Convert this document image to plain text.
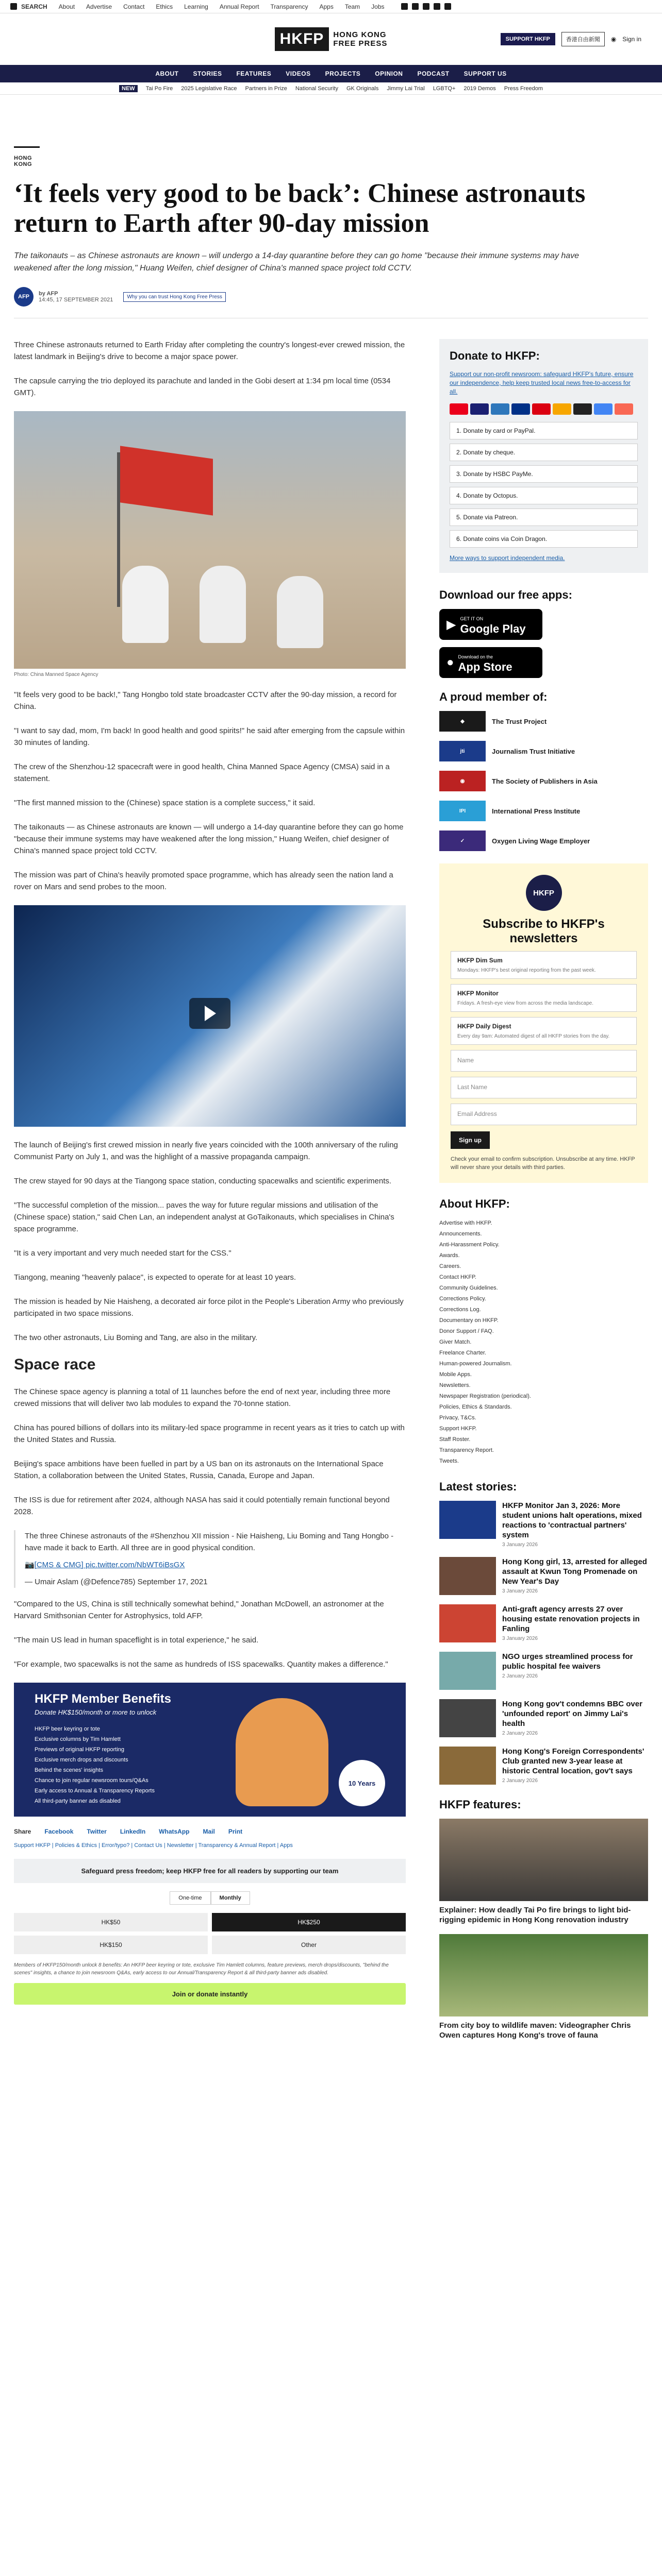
SEARCH About Advertise Contact Ethics Learning Annual Report Transparency Apps Team Jobs
HKFP	HONG KONG
FREE PRESS	SUPPORT HKFP	香港自由新聞	◉ Sign in
ABOUT STORIES FEATURES VIDEOS PROJECTS OPINION PODCAST SUPPORT US
NEW	Tai Po Fire 2025 Legislative Race Partners in Prize National Security GK Originals Jimmy Lai Trial LGBTQ+ 2019 Demos Press Freedom
HONG KONG
‘It feels very good to be back’: Chinese astronauts return to Earth after 90-day mission

The taikonauts – as Chinese astronauts are known – will undergo a 14-day quarantine before they can go home "because their immune systems may have weakened after the long mission," Huang Weifen, chief designer of China's manned space project told CCTV.

AFP	by AFP
14:45, 17 SEPTEMBER 2021	Why you can trust Hong Kong Free Press

Three Chinese astronauts returned to Earth Friday after completing the country's longest-ever crewed mission, the latest landmark in Beijing's drive to become a major space power.

The capsule carrying the trio deployed its parachute and landed in the Gobi desert at 1:34 pm local time (0534 GMT).

Photo: China Manned Space Agency

"It feels very good to be back!," Tang Hongbo told state broadcaster CCTV after the 90-day mission, a record for China.

"I want to say dad, mom, I'm back! In good health and good spirits!" he said after emerging from the capsule within 30 minutes of landing.

The crew of the Shenzhou-12 spacecraft were in good health, China Manned Space Agency (CMSA) said in a statement.

"The first manned mission to the (Chinese) space station is a complete success," it said.

The taikonauts — as Chinese astronauts are known — will undergo a 14-day quarantine before they can go home "because their immune systems may have weakened after the long mission," Huang Weifen, chief designer of China's manned space project told CCTV.

The mission was part of China's heavily promoted space programme, which has already seen the nation land a rover on Mars and send probes to the moon.

The launch of Beijing's first crewed mission in nearly five years coincided with the 100th anniversary of the ruling Communist Party on July 1, and was the highlight of a massive propaganda campaign.

The crew stayed for 90 days at the Tiangong space station, conducting spacewalks and scientific experiments.

"The successful completion of the mission... paves the way for future regular missions and utilisation of the (Chinese space) station," said Chen Lan, an independent analyst at GoTaikonauts, which specialises in China's space programme.

"It is a very important and very much needed start for the CSS."

Tiangong, meaning "heavenly palace", is expected to operate for at least 10 years.

The mission is headed by Nie Haisheng, a decorated air force pilot in the People's Liberation Army who previously participated in two space missions.

The two other astronauts, Liu Boming and Tang, are also in the military.

Space race

The Chinese space agency is planning a total of 11 launches before the end of next year, including three more crewed missions that will deliver two lab modules to expand the 70-tonne station.

China has poured billions of dollars into its military-led space programme in recent years as it tries to catch up with the United States and Russia.

Beijing's space ambitions have been fuelled in part by a US ban on its astronauts on the International Space Station, a collaboration between the United States, Russia, Canada, Europe and Japan.

The ISS is due for retirement after 2024, although NASA has said it could potentially remain functional beyond 2028.

The three Chinese astronauts of the #Shenzhou XII mission - Nie Haisheng, Liu Boming and Tang Hongbo - have made it back to Earth. All three are in good physical condition.

📷[CMS & CMG] pic.twitter.com/NbWT6iBsGX

— Umair Aslam (@Defence785) September 17, 2021

"Compared to the US, China is still technically somewhat behind," Jonathan McDowell, an astronomer at the Harvard Smithsonian Center for Astrophysics, told AFP.

"The main US lead in human spaceflight is in total experience," he said.

"For example, two spacewalks is not the same as hundreds of ISS spacewalks. Quantity makes a difference."

HKFP Member Benefits
Donate HK$150/month or more to unlock
HKFP beer keyring or tote
Exclusive columns by Tim Hamlett
Previews of original HKFP reporting
Exclusive merch drops and discounts
Behind the scenes' insights
Chance to join regular newsroom tours/Q&As
Early access to Annual & Transparency Reports
All third-party banner ads disabled
10 Years
Share Facebook Twitter LinkedIn WhatsApp Mail Print
Support HKFP | Policies & Ethics | Error/typo? | Contact Us | Newsletter | Transparency & Annual Report | Apps
Safeguard press freedom; keep HKFP free for all readers by supporting our team
One-time	Monthly
HK$50	HK$250
HK$150	Other

Members of HKFP150/month unlock 8 benefits: An HKFP beer keyring or tote, exclusive Tim Hamlett columns, feature previews, merch drops/discounts, "behind the scenes" insights, a chance to join newsroom Q&As, early access to our Annual/Transparency Report & all third-party banner ads disabled.

Join or donate instantly
Donate to HKFP:
Support our non-profit newsroom: safeguard HKFP's future, ensure our independence, help keep trusted local news free-to-access for all.
1. Donate by card or PayPal.
2. Donate by cheque.
3. Donate by HSBC PayMe.
4. Donate by Octopus.
5. Donate via Patreon.
6. Donate coins via Coin Dragon.
More ways to support independent media.
Download our free apps:
▶ GET IT ON
Google Play
● Download on the
App Store
A proud member of:
◆	The Trust Project
jti	Journalism Trust Initiative
◉	The Society of Publishers in Asia
IPI	International Press Institute
✓	Oxygen Living Wage Employer
HKFP
Subscribe to HKFP's newsletters
HKFP Dim Sum
Mondays: HKFP's best original reporting from the past week.
HKFP Monitor
Fridays. A fresh-eye view from across the media landscape.
HKFP Daily Digest
Every day 9am: Automated digest of all HKFP stories from the day.
Name
Last Name
Email Address
Sign up

Check your email to confirm subscription. Unsubscribe at any time. HKFP will never share your details with third parties.

About HKFP:
Advertise with HKFP.
Announcements.
Anti-Harassment Policy.
Awards.
Careers.
Contact HKFP.
Community Guidelines.
Corrections Policy.
Corrections Log.
Documentary on HKFP.
Donor Support / FAQ.
Giver Match.
Freelance Charter.
Human-powered Journalism.
Mobile Apps.
Newsletters.
Newspaper Registration (periodical).
Policies, Ethics & Standards.
Privacy, T&Cs.
Support HKFP.
Staff Roster.
Transparency Report.
Tweets.
Latest stories:
HKFP Monitor Jan 3, 2026: More student unions halt operations, mixed reactions to 'contractual partners' system
3 January 2026
Hong Kong girl, 13, arrested for alleged assault at Kwun Tong Promenade on New Year's Day
3 January 2026
Anti-graft agency arrests 27 over housing estate renovation projects in Fanling
3 January 2026
NGO urges streamlined process for public hospital fee waivers
2 January 2026
Hong Kong gov't condemns BBC over 'unfounded report' on Jimmy Lai's health
2 January 2026
Hong Kong's Foreign Correspondents' Club granted new 3-year lease at historic Central location, gov't says
2 January 2026
HKFP features:
Explainer: How deadly Tai Po fire brings to light bid-rigging epidemic in Hong Kong renovation industry
From city boy to wildlife maven: Videographer Chris Owen captures Hong Kong's trove of fauna
